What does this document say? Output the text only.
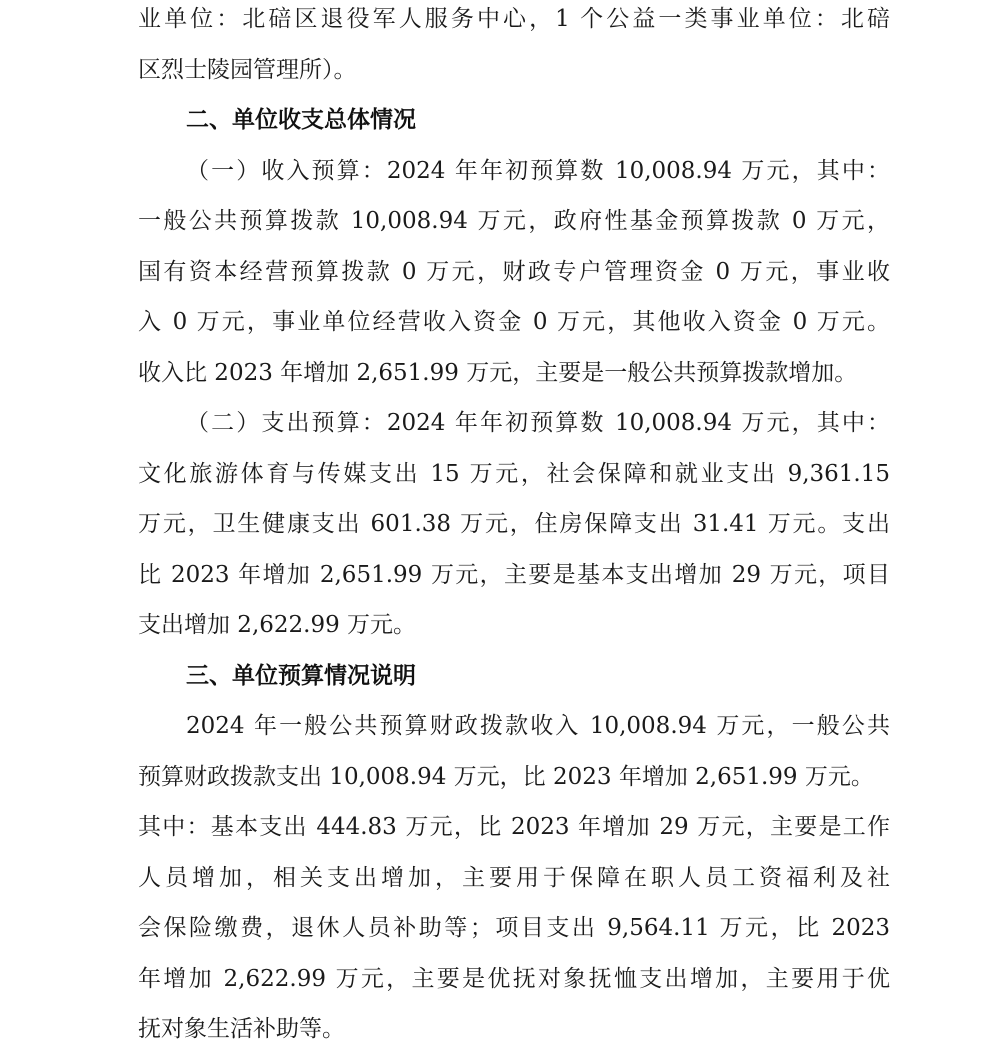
业单位：北碚区退役军人服务中心，1 个公益一类事业单位：北碚
区烈士陵园管理所）。
二、单位收支总体情况
（一）收入预算：2024 年年初预算数 10,008.94 万元，其中：
一般公共预算拨款 10,008.94 万元，政府性基金预算拨款 0 万元，
国有资本经营预算拨款 0 万元，财政专户管理资金 0 万元，事业收
入 0 万元，事业单位经营收入资金 0 万元，其他收入资金 0 万元。
收入比 2023 年增加 2,651.99 万元，主要是一般公共预算拨款增加。
（二）支出预算：2024 年年初预算数 10,008.94 万元，其中：
文化旅游体育与传媒支出 15 万元，社会保障和就业支出 9,361.15
万元，卫生健康支出 601.38 万元，住房保障支出 31.41 万元。支出
比 2023 年增加 2,651.99 万元，主要是基本支出增加 29 万元，项目
支出增加 2,622.99 万元。
三、单位预算情况说明
2024 年一般公共预算财政拨款收入 10,008.94 万元，一般公共
预算财政拨款支出 10,008.94 万元，比 2023 年增加 2,651.99 万元。
其中：基本支出 444.83 万元，比 2023 年增加 29 万元，主要是工作
人员增加，相关支出增加，主要用于保障在职人员工资福利及社
会保险缴费，退休人员补助等；项目支出 9,564.11 万元，比 2023
年增加 2,622.99 万元，主要是优抚对象抚恤支出增加，主要用于优
抚对象生活补助等。
